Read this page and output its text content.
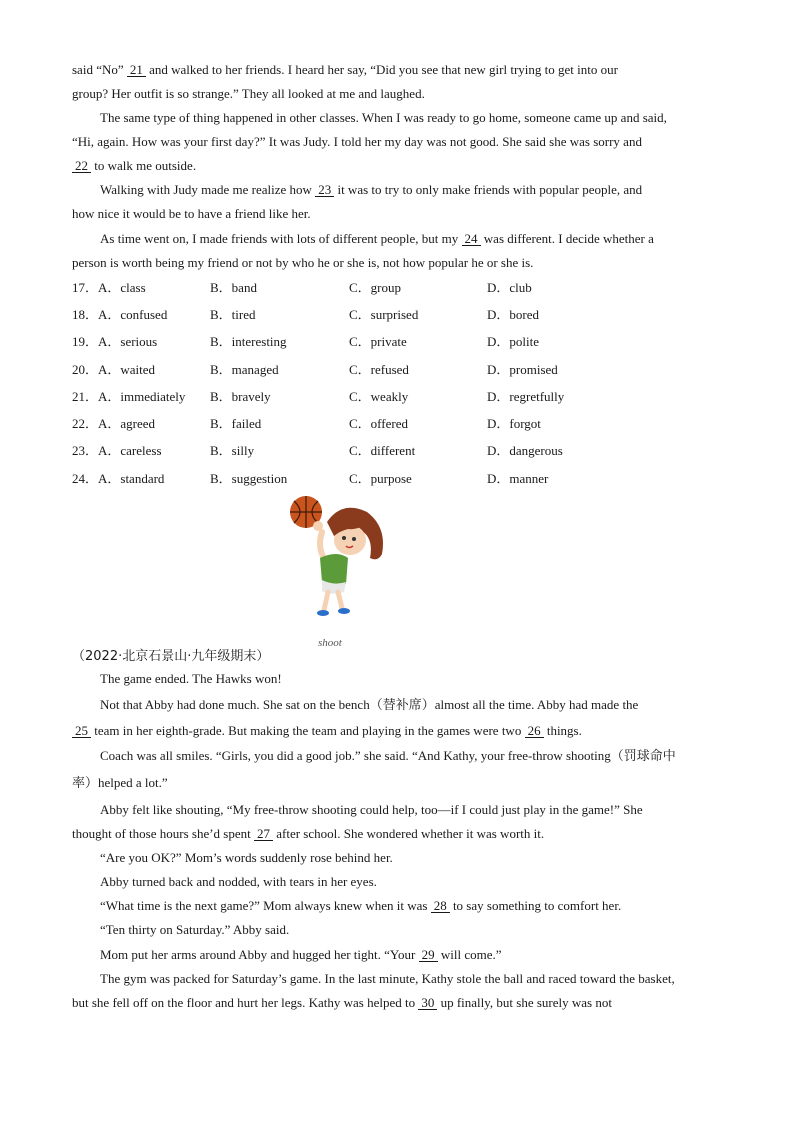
said “No” 21 and walked to her friends. I heard her say, “Did you see that new girl trying to get into our
group? Her outfit is so strange.” They all looked at me and laughed.
The same type of thing happened in other classes. When I was ready to go home, someone came up and said,
“Hi, again. How was your first day?” It was Judy. I told her my day was not good. She said she was sorry and
22 to walk me outside.
Walking with Judy made me realize how 23 it was to try to only make friends with popular people, and
how nice it would be to have a friend like her.
As time went on, I made friends with lots of different people, but my 24 was different. I decide whether a
person is worth being my friend or not by who he or she is, not how popular he or she is.
17．A．class	B．band	C．group	D．club
18．A．confused	B．tired	C．surprised	D．bored
19．A．serious	B．interesting	C．private	D．polite
20．A．waited	B．managed	C．refused	D．promised
21．A．immediately B．bravely	C．weakly	D．regretfully
22．A．agreed	B．failed	C．offered	D．forgot
23．A．careless	B．silly	C．different	D．dangerous
24．A．standard	B．suggestion	C．purpose	D．manner
shoot
（2022·北京石景山·九年级期末）
The game ended. The Hawks won!
Not that Abby had done much. She sat on the bench（替补席）almost all the time. Abby had made the
25 team in her eighth-grade. But making the team and playing in the games were two 26 things.
Coach was all smiles. “Girls, you did a good job.” she said. “And Kathy, your free-throw shooting（罚球命中
率）helped a lot.”
Abby felt like shouting, “My free-throw shooting could help, too—if I could just play in the game!” She
thought of those hours she’d spent 27 after school. She wondered whether it was worth it.
“Are you OK?” Mom’s words suddenly rose behind her.
Abby turned back and nodded, with tears in her eyes.
“What time is the next game?” Mom always knew when it was 28 to say something to comfort her.
“Ten thirty on Saturday.” Abby said.
Mom put her arms around Abby and hugged her tight. “Your 29 will come.”
The gym was packed for Saturday’s game. In the last minute, Kathy stole the ball and raced toward the basket,
but she fell off on the floor and hurt her legs. Kathy was helped to 30 up finally, but she surely was not
